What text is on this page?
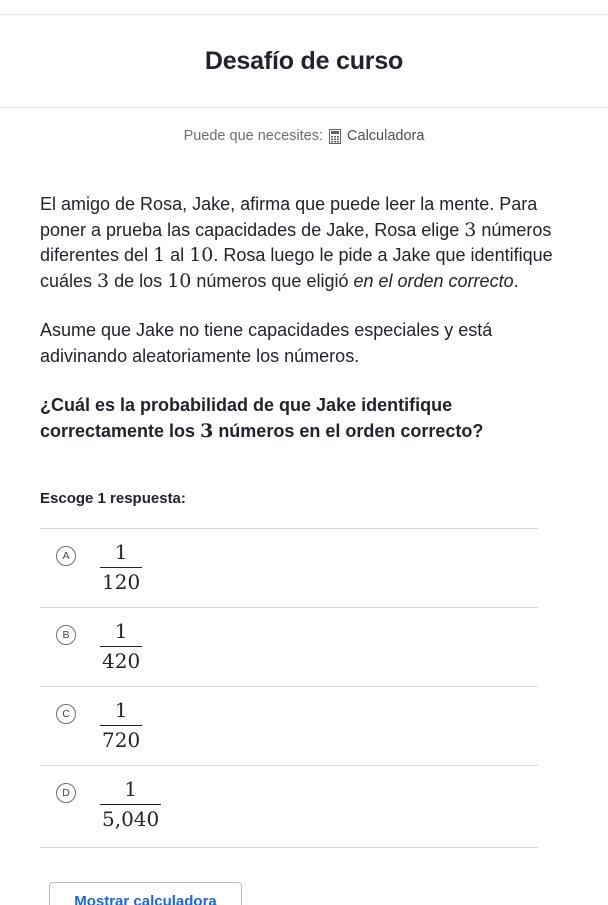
Desafío de curso
Puede que necesites: Calculadora

El amigo de Rosa, Jake, afirma que puede leer la mente. Para poner a prueba las capacidades de Jake, Rosa elige 3 números diferentes del 1 al 10. Rosa luego le pide a Jake que identifique cuáles 3 de los 10 números que eligió en el orden correcto.

Asume que Jake no tiene capacidades especiales y está adivinando aleatoriamente los números.

¿Cuál es la probabilidad de que Jake identifique correctamente los 3 números en el orden correcto?

Escoge 1 respuesta:
A	$\frac{1}{120}$
B	$\frac{1}{420}$
C	$\frac{1}{720}$
D	$\frac{1}{5,040}$
Mostrar calculadora
